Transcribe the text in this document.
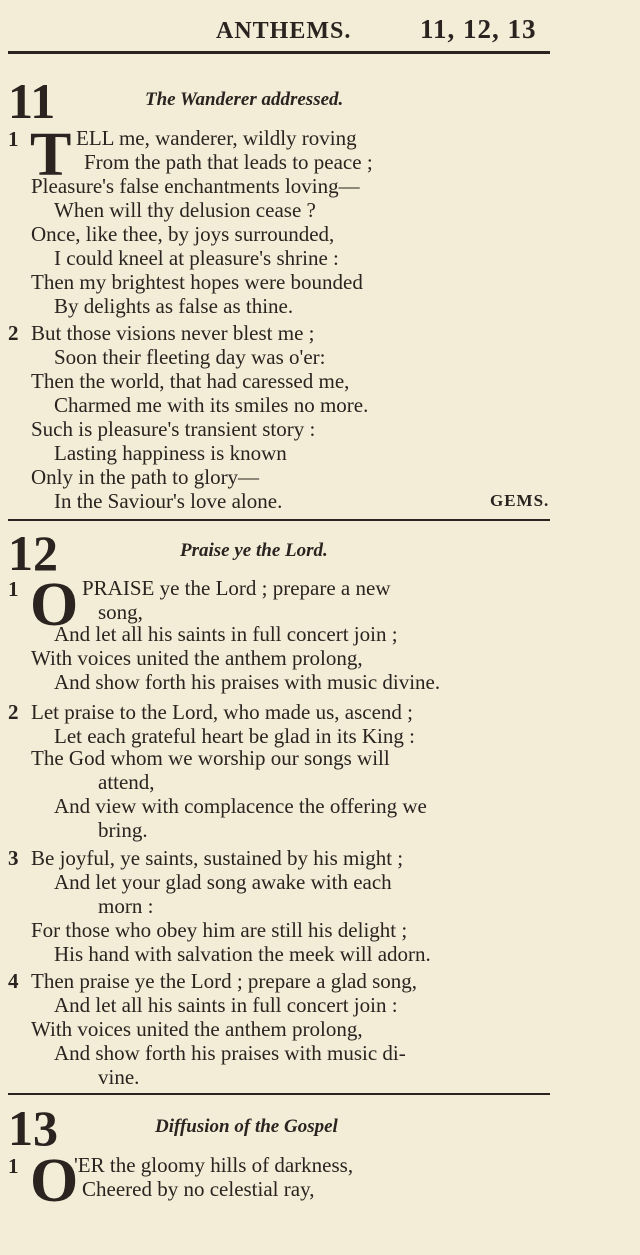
ANTHEMS.	11, 12, 13
11	The Wanderer addressed.
1 T ELL me, wanderer, wildly roving
From the path that leads to peace ;
Pleasure's false enchantments loving—
When will thy delusion cease ?
Once, like thee, by joys surrounded,
I could kneel at pleasure's shrine :
Then my brightest hopes were bounded
By delights as false as thine.
2 But those visions never blest me ;
Soon their fleeting day was o'er:
Then the world, that had caressed me,
Charmed me with its smiles no more.
Such is pleasure's transient story :
Lasting happiness is known
Only in the path to glory—
In the Saviour's love alone.	GEMS.
12	Praise ye the Lord.
1 O PRAISE ye the Lord ; prepare a new
song,
And let all his saints in full concert join ;
With voices united the anthem prolong,
And show forth his praises with music divine.
2 Let praise to the Lord, who made us, ascend ;
Let each grateful heart be glad in its King :
The God whom we worship our songs will
attend,
And view with complacence the offering we
bring.
3 Be joyful, ye saints, sustained by his might ;
And let your glad song awake with each
morn :
For those who obey him are still his delight ;
His hand with salvation the meek will adorn.
4 Then praise ye the Lord ; prepare a glad song,
And let all his saints in full concert join :
With voices united the anthem prolong,
And show forth his praises with music di-
vine.
13	Diffusion of the Gospel
1 O
'ER the gloomy hills of darkness,
Cheered by no celestial ray,
